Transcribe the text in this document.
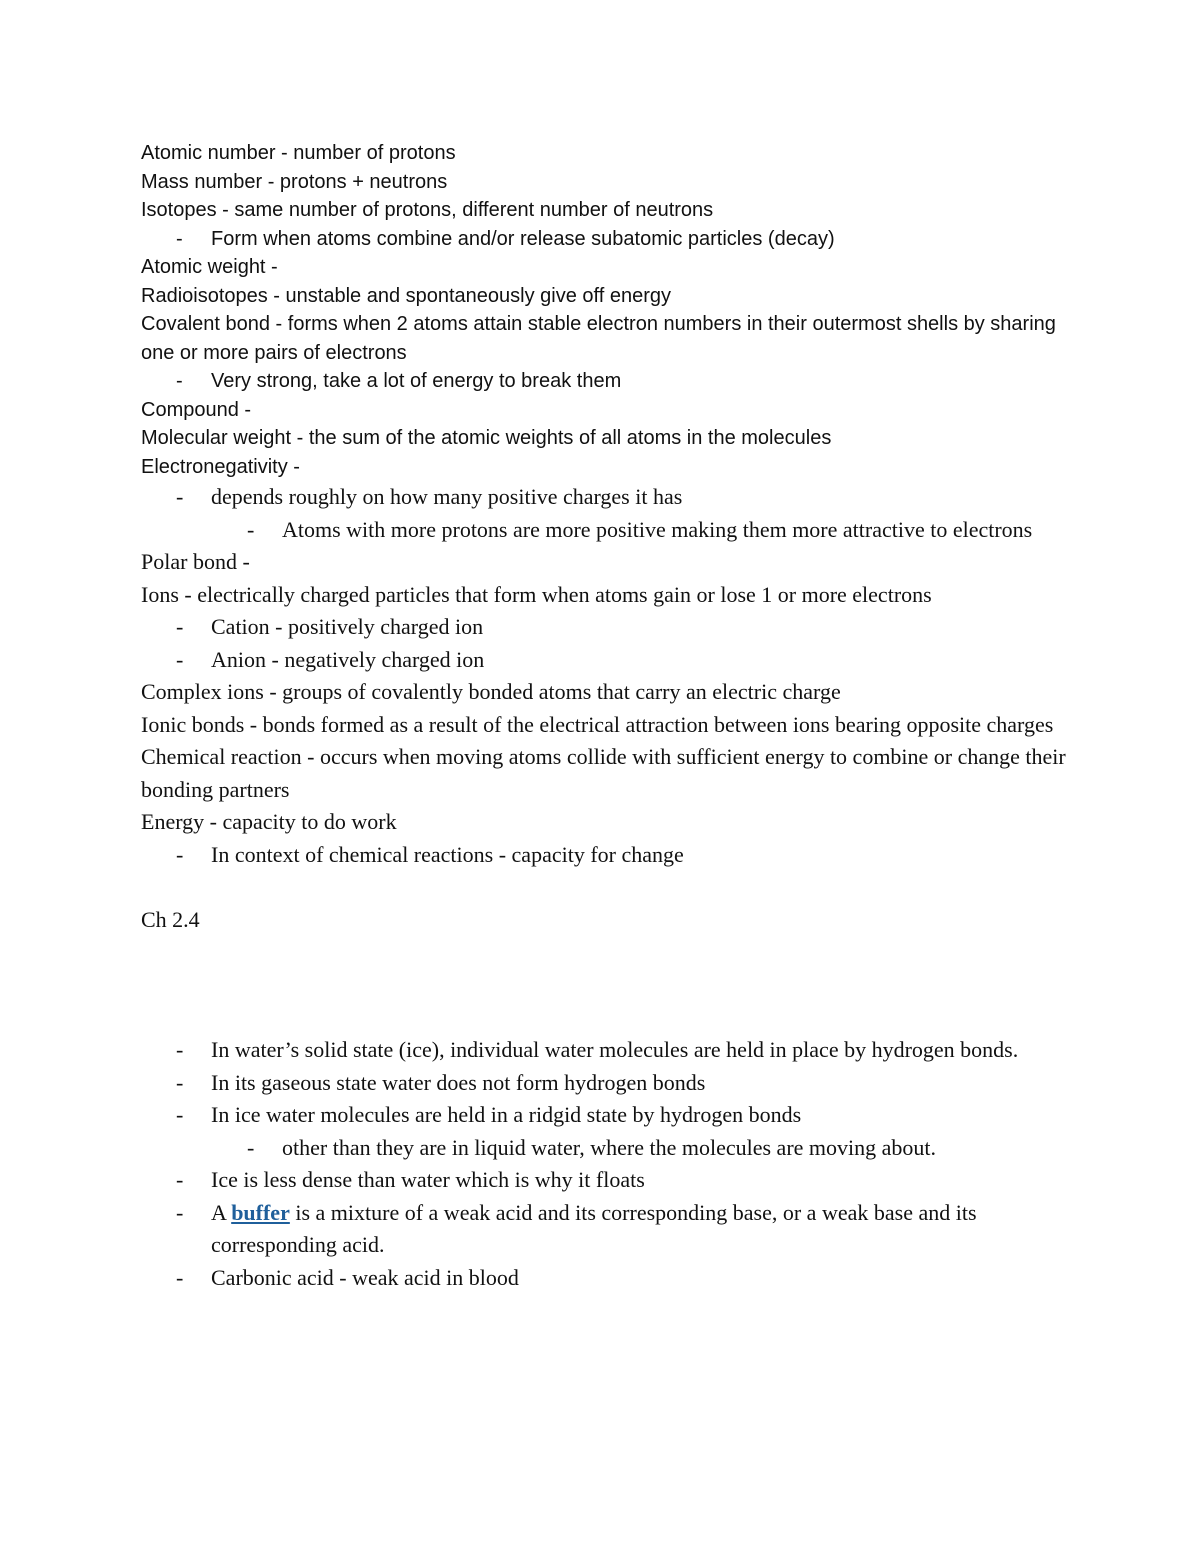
Atomic number - number of protons

Mass number - protons + neutrons

Isotopes - same number of protons, different number of neutrons

- Form when atoms combine and/or release subatomic particles (decay)

Atomic weight -

Radioisotopes - unstable and spontaneously give off energy

Covalent bond - forms when 2 atoms attain stable electron numbers in their outermost shells by sharing one or more pairs of electrons

- Very strong, take a lot of energy to break them

Compound -

Molecular weight - the sum of the atomic weights of all atoms in the molecules

Electronegativity -

- depends roughly on how many positive charges it has

- Atoms with more protons are more positive making them more attractive to electrons

Polar bond -

Ions - electrically charged particles that form when atoms gain or lose 1 or more electrons

- Cation - positively charged ion

- Anion - negatively charged ion

Complex ions - groups of covalently bonded atoms that carry an electric charge

Ionic bonds - bonds formed as a result of the electrical attraction between ions bearing opposite charges

Chemical reaction - occurs when moving atoms collide with sufficient energy to combine or change their bonding partners

Energy - capacity to do work

- In context of chemical reactions - capacity for change

Ch 2.4

- In water’s solid state (ice), individual water molecules are held in place by hydrogen bonds.

- In its gaseous state water does not form hydrogen bonds

- In ice water molecules are held in a ridgid state by hydrogen bonds

- other than they are in liquid water, where the molecules are moving about.

- Ice is less dense than water which is why it floats

- A buffer is a mixture of a weak acid and its corresponding base, or a weak base and its corresponding acid.

- Carbonic acid - weak acid in blood
